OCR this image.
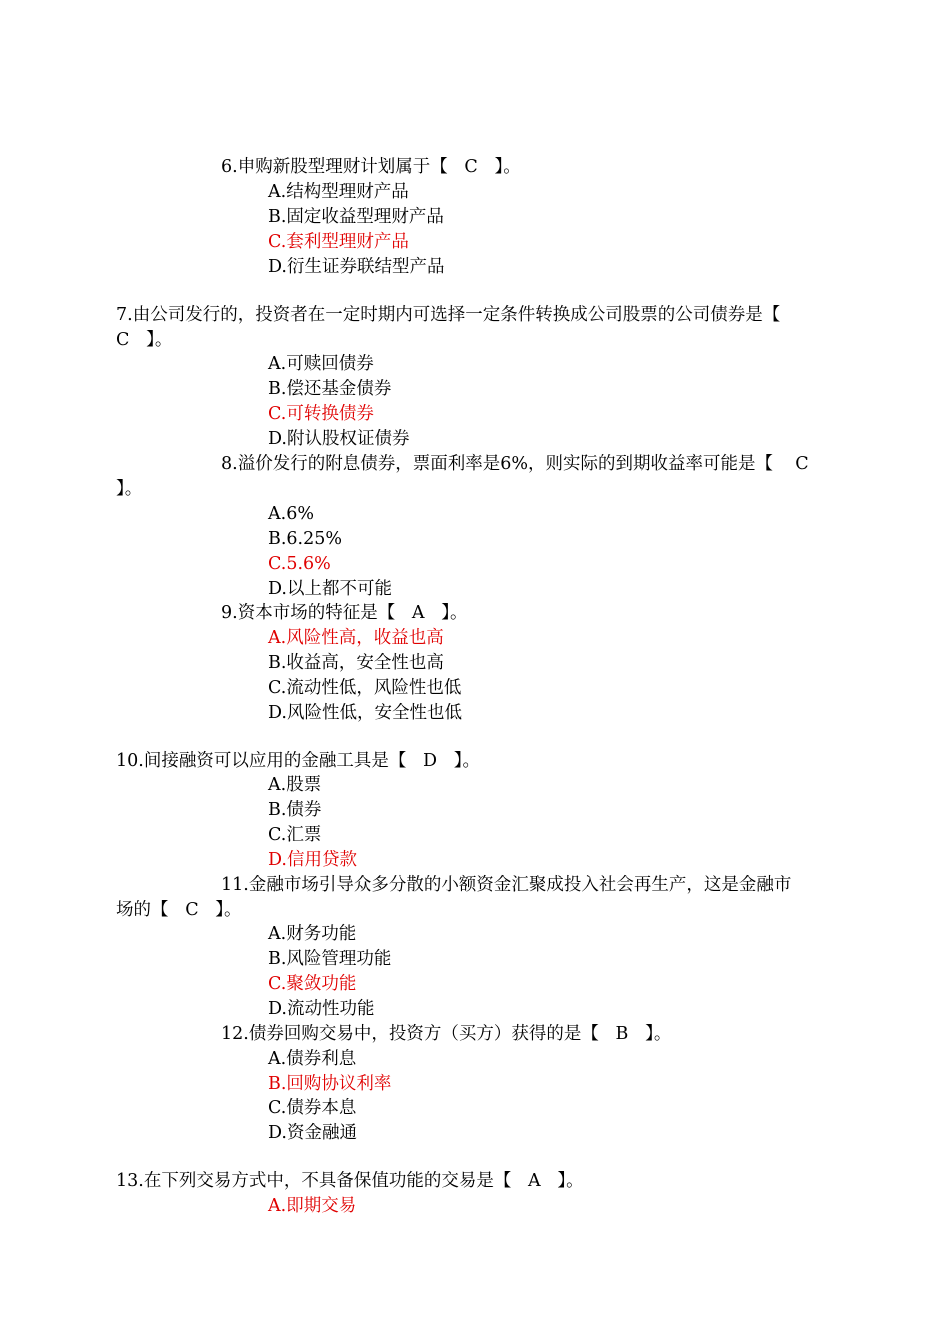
6.申购新股型理财计划属于【   C   】。
A.结构型理财产品
B.固定收益型理财产品
C.套利型理财产品
D.衍生证券联结型产品
7.由公司发行的，投资者在一定时期内可选择一定条件转换成公司股票的公司债券是【
C   】。
A.可赎回债券
B.偿还基金债券
C.可转换债券
D.附认股权证债券
8.溢价发行的附息债券，票面利率是6%，则实际的到期收益率可能是【    C
】。
A.6%
B.6.25%
C.5.6%
D.以上都不可能
9.资本市场的特征是【   A   】。
A.风险性高，收益也高
B.收益高，安全性也高
C.流动性低，风险性也低
D.风险性低，安全性也低
10.间接融资可以应用的金融工具是【   D   】。
A.股票
B.债券
C.汇票
D.信用贷款
11.金融市场引导众多分散的小额资金汇聚成投入社会再生产，这是金融市
场的【   C   】。
A.财务功能
B.风险管理功能
C.聚敛功能
D.流动性功能
12.债券回购交易中，投资方（买方）获得的是【   B   】。
A.债券利息
B.回购协议利率
C.债券本息
D.资金融通
13.在下列交易方式中，不具备保值功能的交易是【   A   】。
A.即期交易
